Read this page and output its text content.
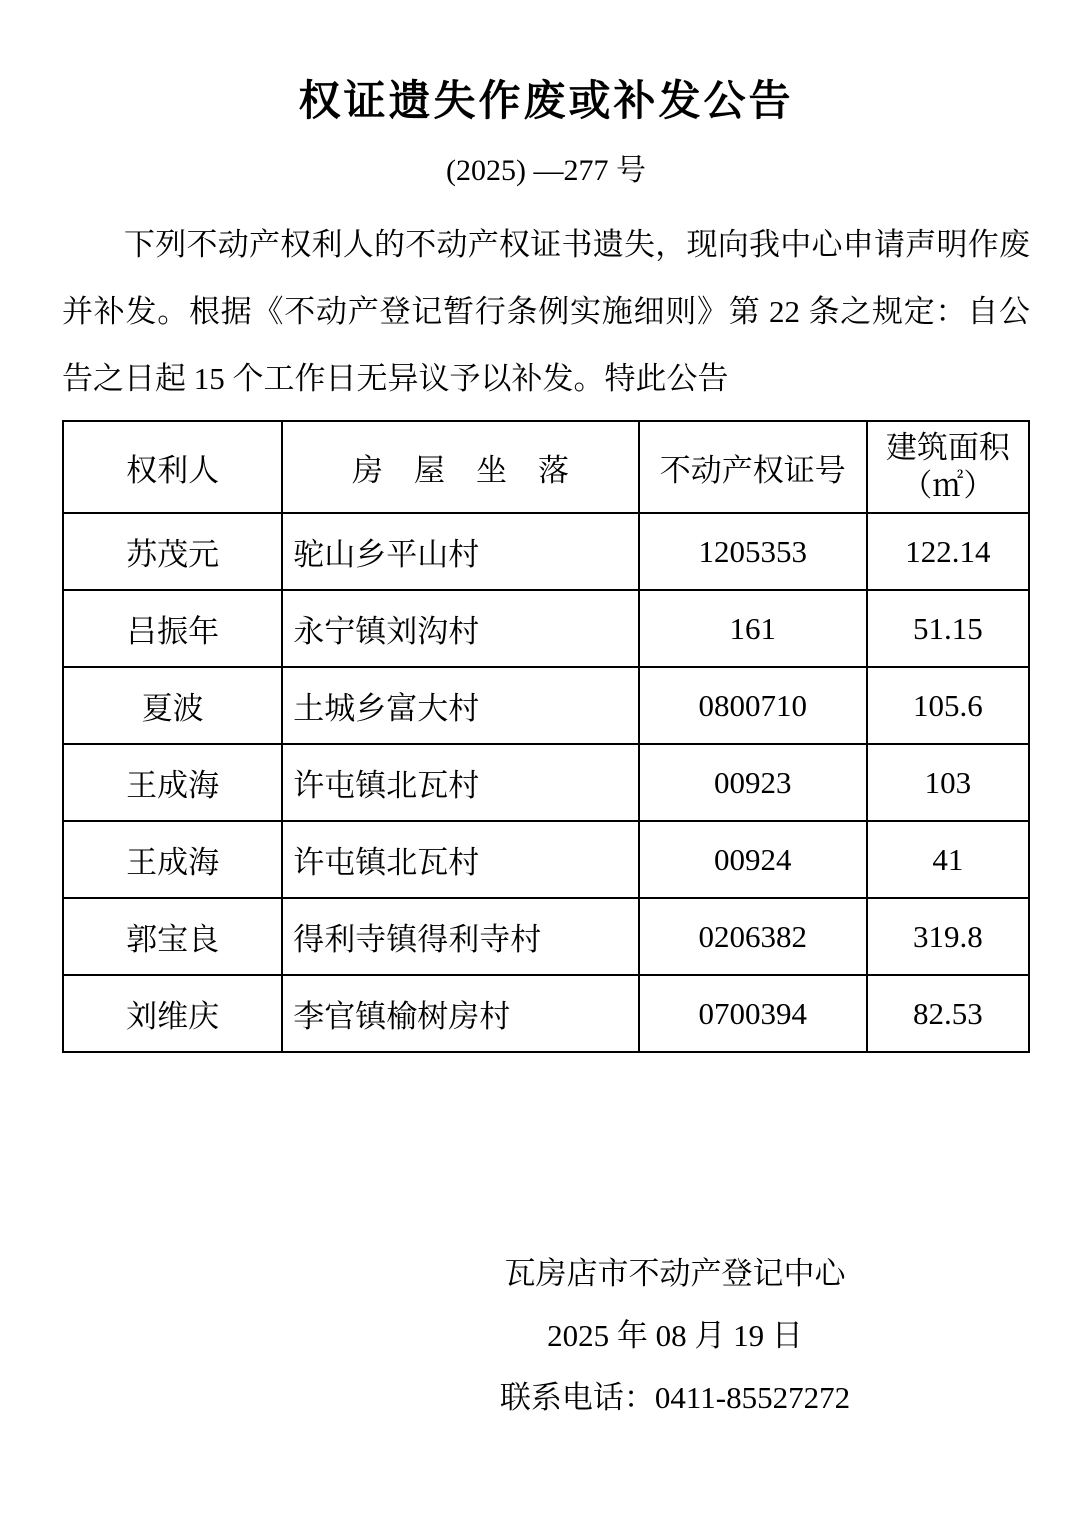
权证遗失作废或补发公告
(2025) —277 号

下列不动产权利人的不动产权证书遗失，现向我中心申请声明作废并补发。根据《不动产登记暂行条例实施细则》第 22 条之规定：自公告之日起 15 个工作日无异议予以补发。特此公告

权利人	房　屋　坐　落	不动产权证号	建筑面积
（㎡）
苏茂元	驼山乡平山村	1205353	122.14
吕振年	永宁镇刘沟村	161	51.15
夏波	土城乡富大村	0800710	105.6
王成海	许屯镇北瓦村	00923	103
王成海	许屯镇北瓦村	00924	41
郭宝良	得利寺镇得利寺村	0206382	319.8
刘维庆	李官镇榆树房村	0700394	82.53
瓦房店市不动产登记中心
2025 年 08 月 19 日
联系电话：0411-85527272
